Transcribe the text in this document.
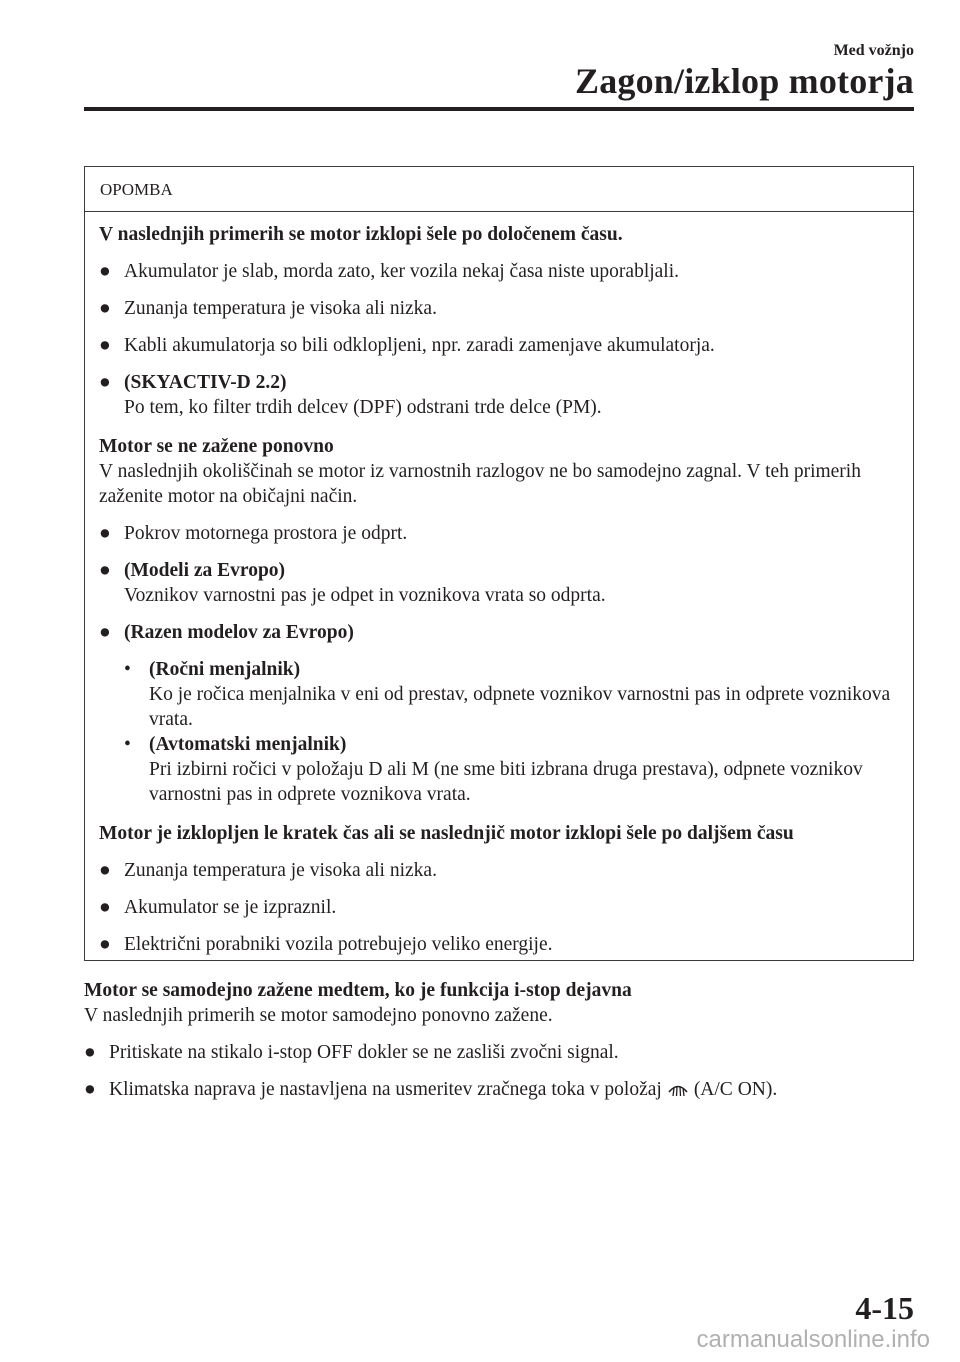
Med vožnjo
Zagon/izklop motorja
OPOMBA

V naslednjih primerih se motor izklopi šele po določenem času.

● Akumulator je slab, morda zato, ker vozila nekaj časa niste uporabljali.
● Zunanja temperatura je visoka ali nizka.
● Kabli akumulatorja so bili odklopljeni, npr. zaradi zamenjave akumulatorja.
● (SKYACTIV-D 2.2)
Po tem, ko filter trdih delcev (DPF) odstrani trde delce (PM).

Motor se ne zažene ponovno

V naslednjih okoliščinah se motor iz varnostnih razlogov ne bo samodejno zagnal. V teh primerih zaženite motor na običajni način.

● Pokrov motornega prostora je odprt.
● (Modeli za Evropo)
Voznikov varnostni pas je odpet in voznikova vrata so odprta.
● (Razen modelov za Evropo)
• (Ročni menjalnik)
Ko je ročica menjalnika v eni od prestav, odpnete voznikov varnostni pas in odprete voznikova vrata.
• (Avtomatski menjalnik)
Pri izbirni ročici v položaju D ali M (ne sme biti izbrana druga prestava), odpnete voznikov varnostni pas in odprete voznikova vrata.

Motor je izklopljen le kratek čas ali se naslednjič motor izklopi šele po daljšem času

● Zunanja temperatura je visoka ali nizka.
● Akumulator se je izpraznil.
● Električni porabniki vozila potrebujejo veliko energije.

Motor se samodejno zažene medtem, ko je funkcija i-stop dejavna

V naslednjih primerih se motor samodejno ponovno zažene.

● Pritiskate na stikalo i-stop OFF dokler se ne zasliši zvočni signal.
● Klimatska naprava je nastavljena na usmeritev zračnega toka v položaj (A/C ON).
4-15
carmanualsonline.info
